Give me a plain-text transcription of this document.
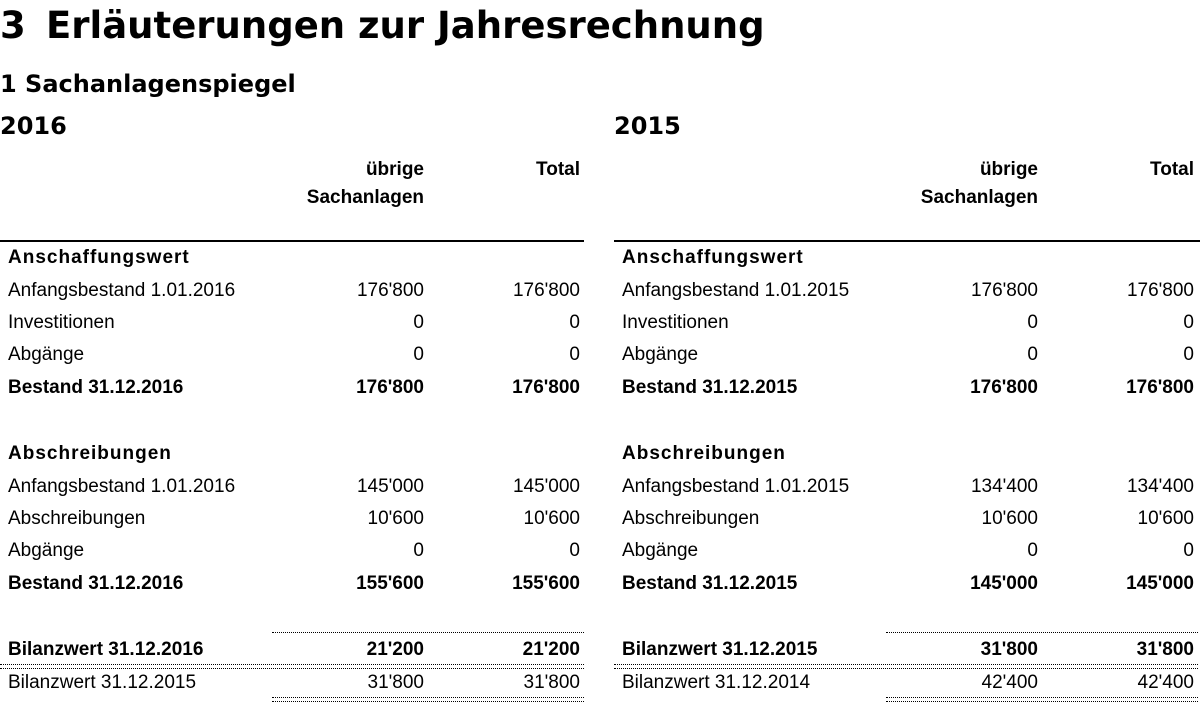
3 Erläuterungen zur Jahresrechnung
1 Sachanlagenspiegel
2016	2015
übrige
Sachanlagen
Total
Anschaffungswert
Anfangsbestand 1.01.2016	176'800	176'800
Investitionen	0	0
Abgänge	0	0
Bestand 31.12.2016	176'800	176'800
Abschreibungen
Anfangsbestand 1.01.2016	145'000	145'000
Abschreibungen	10'600	10'600
Abgänge	0	0
Bestand 31.12.2016	155'600	155'600
Bilanzwert 31.12.2016	21'200	21'200
Bilanzwert 31.12.2015	31'800	31'800
übrige
Sachanlagen
Total
Anschaffungswert
Anfangsbestand 1.01.2015	176'800	176'800
Investitionen	0	0
Abgänge	0	0
Bestand 31.12.2015	176'800	176'800
Abschreibungen
Anfangsbestand 1.01.2015	134'400	134'400
Abschreibungen	10'600	10'600
Abgänge	0	0
Bestand 31.12.2015	145'000	145'000
Bilanzwert 31.12.2015	31'800	31'800
Bilanzwert 31.12.2014	42'400	42'400
